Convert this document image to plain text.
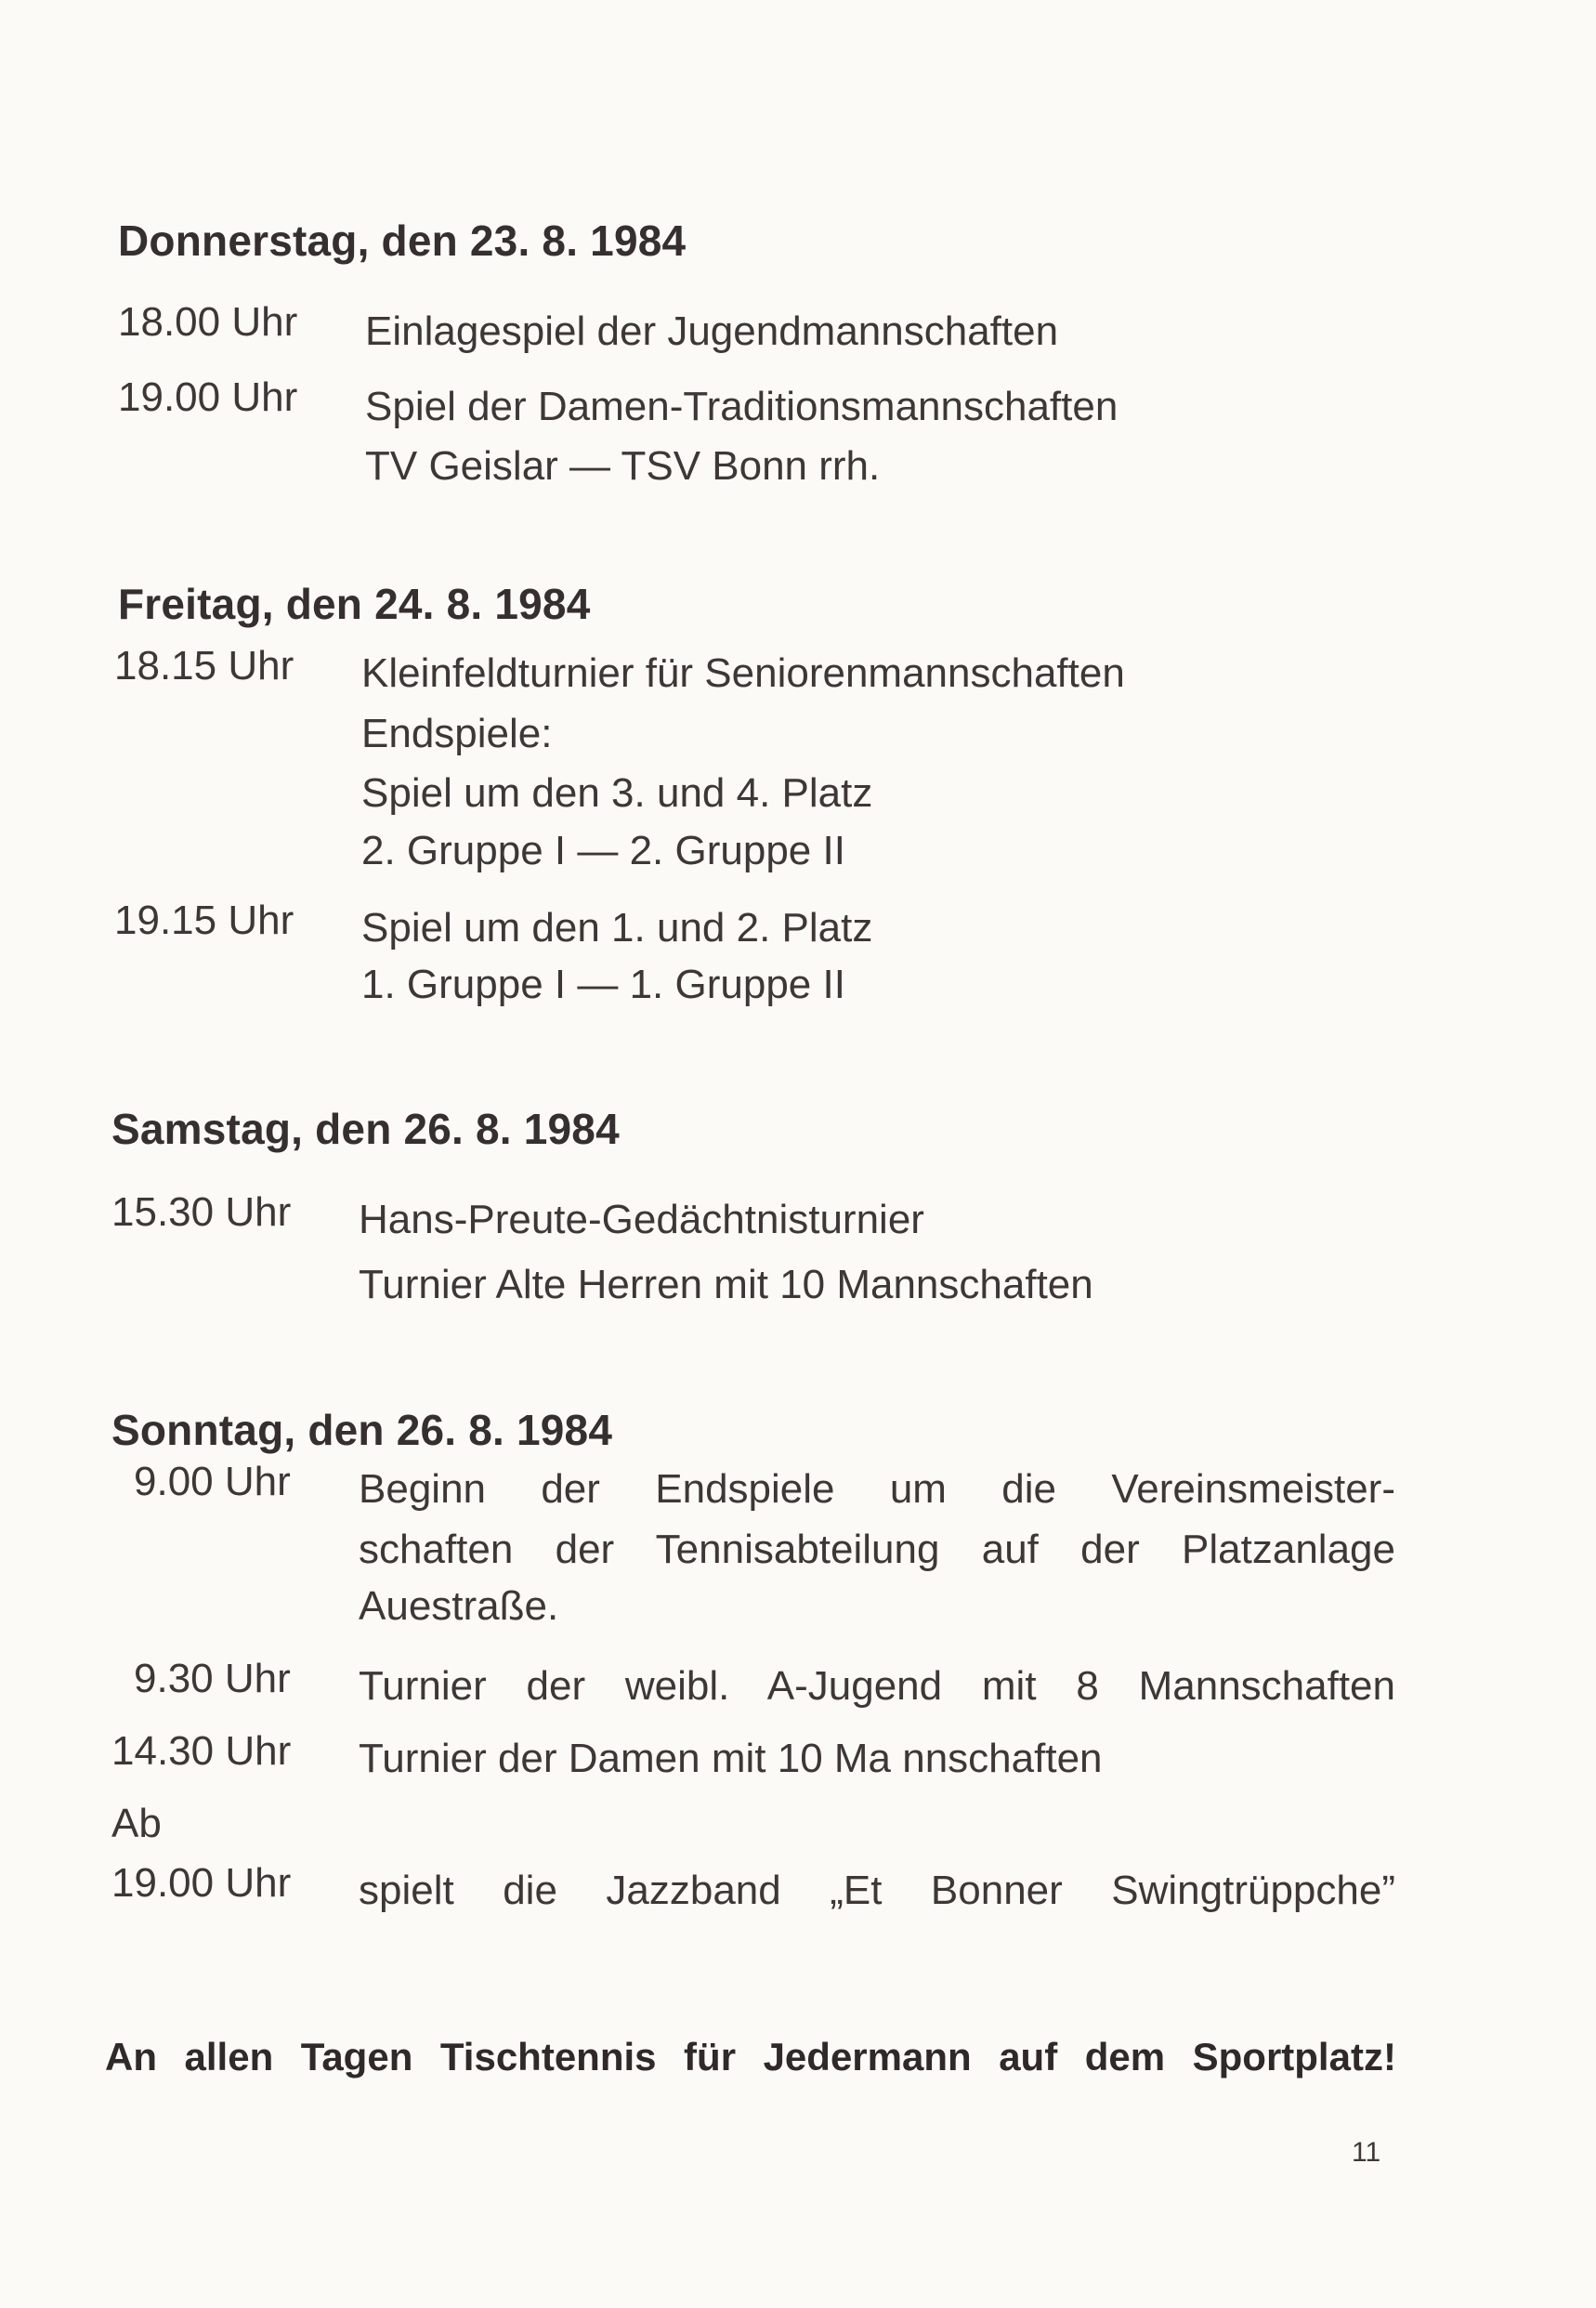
Donnerstag, den 23. 8. 1984
18.00 Uhr Einlagespiel der Jugendmannschaften
19.00 Uhr Spiel der Damen-Traditionsmannschaften
TV Geislar — TSV Bonn rrh.
Freitag, den 24. 8. 1984
18.15 Uhr Kleinfeldturnier für Seniorenmannschaften
Endspiele:
Spiel um den 3. und 4. Platz
2. Gruppe I — 2. Gruppe II
19.15 Uhr Spiel um den 1. und 2. Platz
1. Gruppe I — 1. Gruppe II
Samstag, den 26. 8. 1984
15.30 Uhr Hans-Preute-Gedächtnisturnier
Turnier Alte Herren mit 10 Mannschaften
Sonntag, den 26. 8. 1984
9.00 Uhr Beginn der Endspiele um die Vereinsmeister-
schaften der Tennisabteilung auf der Platzanlage
Auestraße.
9.30 Uhr Turnier der weibl. A-Jugend mit 8 Mannschaften
14.30 Uhr Turnier der Damen mit 10 Ma nnschaften
Ab
19.00 Uhr spielt die Jazzband „Et Bonner Swingtrüppche”
An allen Tagen Tischtennis für Jedermann auf dem Sportplatz!
11
